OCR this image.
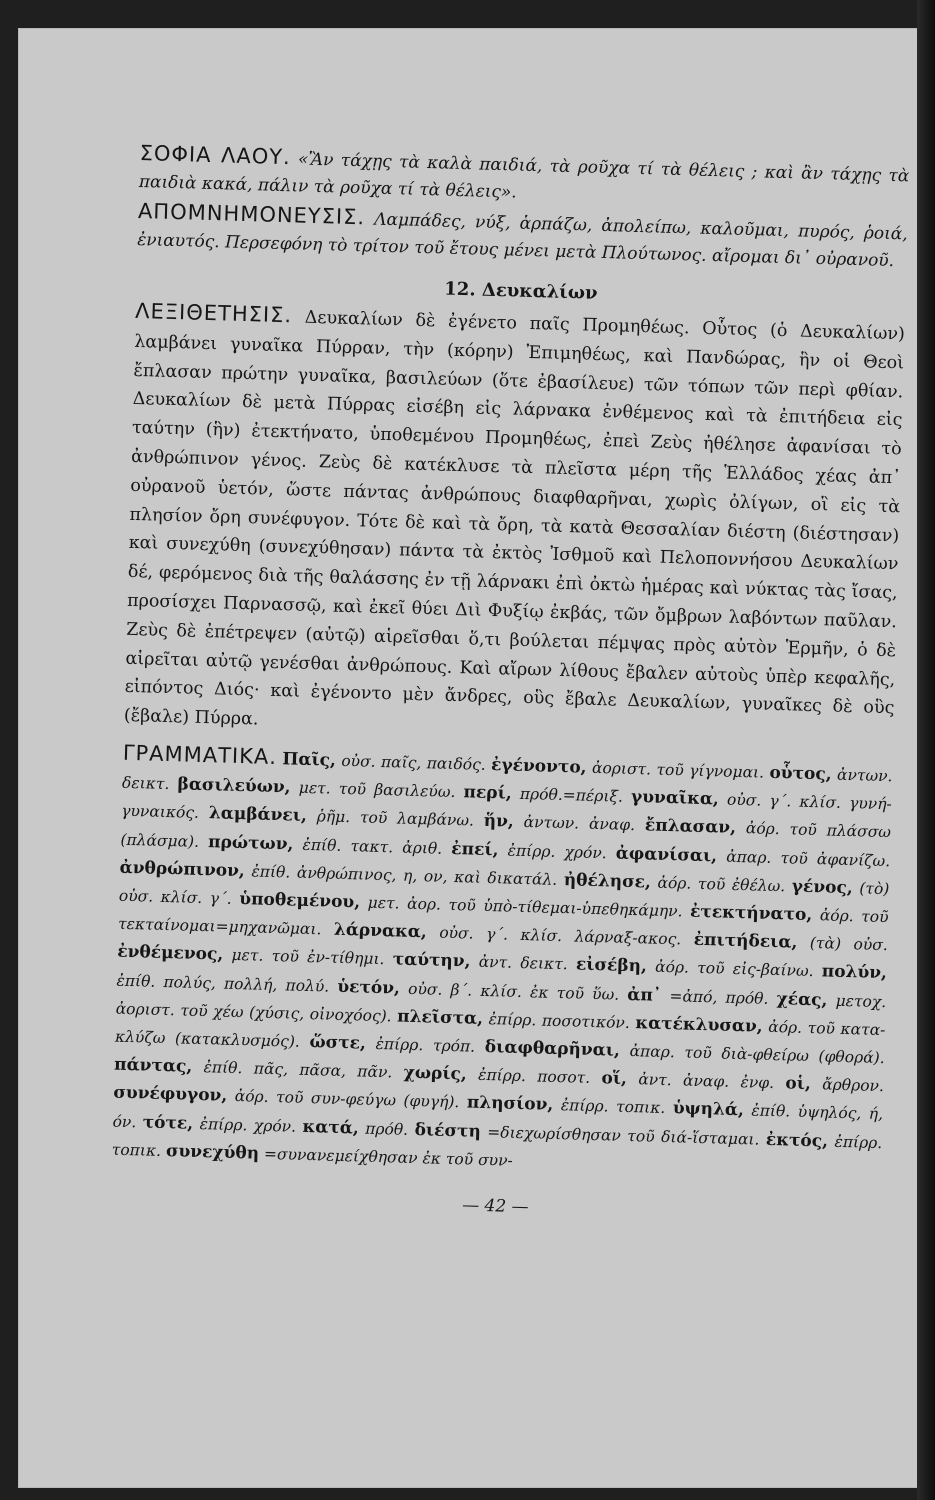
ΣΟΦΙΑ ΛΑΟΥ. «Ἂν τάχῃς τὰ καλὰ παιδιά, τὰ ροῦχα τί τὰ θέλεις ; καὶ ἂν τάχῃς τὰ παιδιὰ κακά, πάλιν τὰ ροῦχα τί τὰ θέλεις».

ΑΠΟΜΝΗΜΟΝΕΥΣΙΣ. Λαμπάδες, νύξ, ἁρπάζω, ἀπολείπω, καλοῦμαι, πυρός, ῥοιά, ἐνιαυτός. Περσεφόνη τὸ τρίτον τοῦ ἔτους μένει μετὰ Πλούτωνος. αἴρομαι δι᾽ οὐρανοῦ.

12. Δευκαλίων

ΛΕΞΙΘΕΤΗΣΙΣ. Δευκαλίων δὲ ἐγένετο παῖς Προμηθέως. Οὗτος (ὁ Δευκαλίων) λαμβάνει γυναῖκα Πύρραν, τὴν (κόρην) Ἐπιμηθέως, καὶ Πανδώρας, ἣν οἱ Θεοὶ ἔπλασαν πρώτην γυναῖκα, βασιλεύων (ὅτε ἐβασίλευε) τῶν τόπων τῶν περὶ φθίαν. Δευκαλίων δὲ μετὰ Πύρρας εἰσέβη εἰς λάρνακα ἐνθέμενος καὶ τὰ ἐπιτήδεια εἰς ταύτην (ἣν) ἐτεκτήνατο, ὑποθεμένου Προμηθέως, ἐπεὶ Ζεὺς ἠθέλησε ἀφανίσαι τὸ ἀνθρώπινον γένος. Ζεὺς δὲ κατέκλυσε τὰ πλεῖστα μέρη τῆς Ἑλλάδος χέας ἀπ᾽ οὐρανοῦ ὑετόν, ὥστε πάντας ἀνθρώπους διαφθαρῆναι, χωρὶς ὀλίγων, οἳ εἰς τὰ πλησίον ὄρη συνέφυγον. Τότε δὲ καὶ τὰ ὄρη, τὰ κατὰ Θεσσαλίαν διέστη (διέστησαν) καὶ συνεχύθη (συνεχύθησαν) πάντα τὰ ἐκτὸς Ἰσθμοῦ καὶ Πελοποννήσου Δευκαλίων δέ, φερόμενος διὰ τῆς θαλάσσης ἐν τῇ λάρνακι ἐπὶ ὀκτὼ ἡμέρας καὶ νύκτας τὰς ἴσας, προσίσχει Παρνασσῷ, καὶ ἐκεῖ θύει Διὶ Φυξίῳ ἐκβάς, τῶν ὄμβρων λαβόντων παῦλαν. Ζεὺς δὲ ἐπέτρεψεν (αὐτῷ) αἱρεῖσθαι ὅ,τι βούλεται πέμψας πρὸς αὐτὸν Ἑρμῆν, ὁ δὲ αἱρεῖται αὐτῷ γενέσθαι ἀνθρώπους. Καὶ αἴρων λίθους ἔβαλεν αὐτοὺς ὑπὲρ κεφαλῆς, εἰπόντος Διός· καὶ ἐγένοντο μὲν ἄνδρες, οὓς ἔβαλε Δευκαλίων, γυναῖκες δὲ οὓς (ἔβαλε) Πύρρα.

ΓΡΑΜΜΑΤΙΚΑ. Παῖς, οὐσ. παῖς, παιδός. ἐγένοντο, ἀοριστ. τοῦ γίγνομαι. οὗτος, ἀντων. δεικτ. βασιλεύων, μετ. τοῦ βασιλεύω. περί, πρόθ.=πέριξ. γυναῖκα, οὐσ. γ΄. κλίσ. γυνή-γυναικός. λαμβάνει, ῥῆμ. τοῦ λαμβάνω. ἥν, ἀντων. ἀναφ. ἔπλασαν, ἀόρ. τοῦ πλάσσω (πλάσμα). πρώτων, ἐπίθ. τακτ. ἀριθ. ἐπεί, ἐπίρρ. χρόν. ἀφανίσαι, ἀπαρ. τοῦ ἀφανίζω. ἀνθρώπινον, ἐπίθ. ἀνθρώπινος, η, ον, καὶ δικατάλ. ἠθέλησε, ἀόρ. τοῦ ἐθέλω. γένος, (τὸ) οὐσ. κλίσ. γ΄. ὑποθεμένου, μετ. ἀορ. τοῦ ὑπὸ-τίθεμαι-ὑπεθηκάμην. ἐτεκτήνατο, ἀόρ. τοῦ τεκταίνομαι=μηχανῶμαι. λάρνακα, οὐσ. γ΄. κλίσ. λάρναξ-ακος. ἐπιτήδεια, (τὰ) οὐσ. ἐνθέμενος, μετ. τοῦ ἐν-τίθημι. ταύτην, ἀντ. δεικτ. εἰσέβη, ἀόρ. τοῦ εἰς-βαίνω. πολύν, ἐπίθ. πολύς, πολλή, πολύ. ὑετόν, οὐσ. β΄. κλίσ. ἐκ τοῦ ὕω. ἀπ᾽ =ἀπό, πρόθ. χέας, μετοχ. ἀοριστ. τοῦ χέω (χύσις, οἰνοχόος). πλεῖστα, ἐπίρρ. ποσοτικόν. κατέκλυσαν, ἀόρ. τοῦ κατα-κλύζω (κατακλυσμός). ὥστε, ἐπίρρ. τρόπ. διαφθαρῆναι, ἀπαρ. τοῦ διὰ-φθείρω (φθορά). πάντας, ἐπίθ. πᾶς, πᾶσα, πᾶν. χωρίς, ἐπίρρ. ποσοτ. οἵ, ἀντ. ἀναφ. ἐνφ. οἱ, ἄρθρον. συνέφυγον, ἀόρ. τοῦ συν-φεύγω (φυγή). πλησίον, ἐπίρρ. τοπικ. ὑψηλά, ἐπίθ. ὑψηλός, ή, όν. τότε, ἐπίρρ. χρόν. κατά, πρόθ. διέστη =διεχωρίσθησαν τοῦ διά-ἵσταμαι. ἐκτός, ἐπίρρ. τοπικ. συνεχύθη =συνανεμείχθησαν ἐκ τοῦ συν-

— 42 —
